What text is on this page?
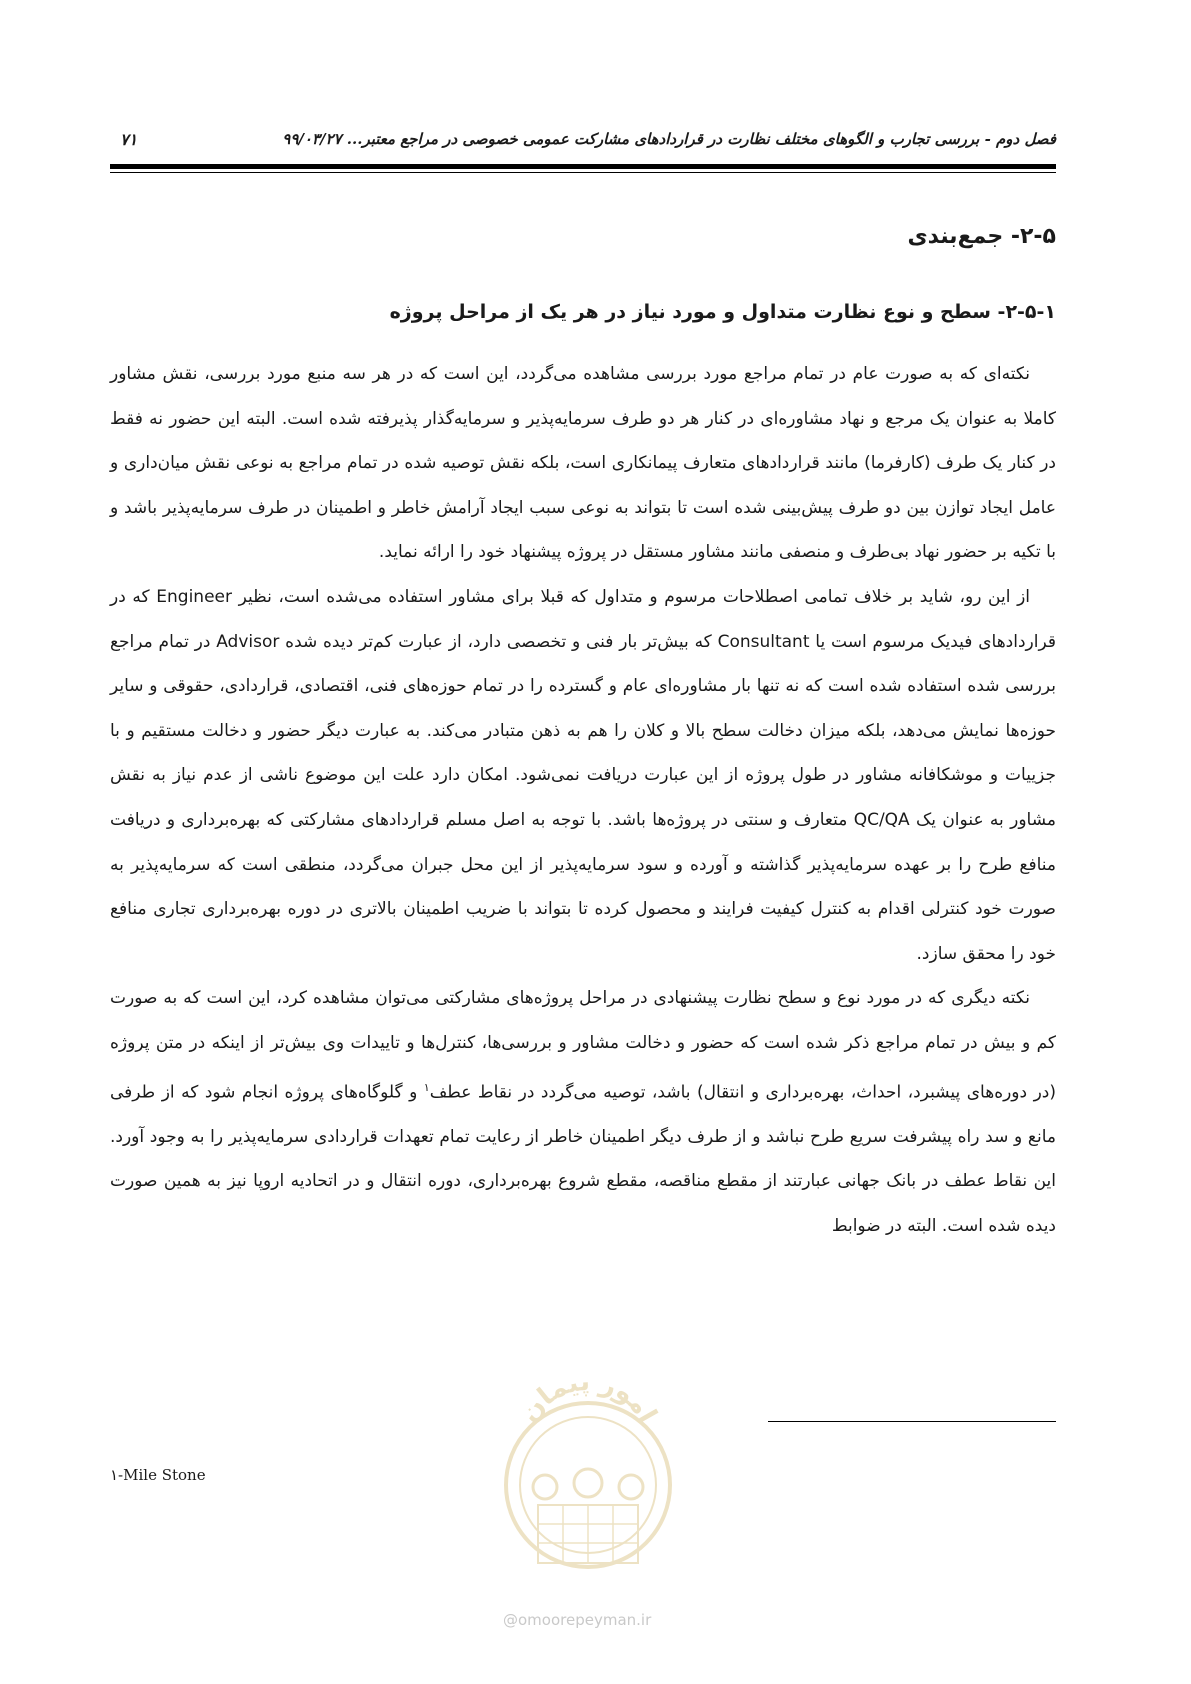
فصل دوم - بررسی تجارب و الگوهای مختلف نظارت در قراردادهای مشارکت عمومی خصوصی در مراجع معتبر... ۹۹/۰۳/۲۷
۷۱
۲-۵- جمع‌بندی
۲-۵-۱- سطح و نوع نظارت متداول و مورد نیاز در هر یک از مراحل پروژه

نکته‌ای که به صورت عام در تمام مراجع مورد بررسی مشاهده می‌گردد، این است که در هر سه منبع مورد بررسی، نقش مشاور کاملا به عنوان یک مرجع و نهاد مشاوره‌ای در کنار هر دو طرف سرمایه‌پذیر و سرمایه‌گذار پذیرفته شده است. البته این حضور نه فقط در کنار یک طرف (کارفرما) مانند قراردادهای متعارف پیمانکاری است، بلکه نقش توصیه شده در تمام مراجع به نوعی نقش میان‌داری و عامل ایجاد توازن بین دو طرف پیش‌بینی شده است تا بتواند به نوعی سبب ایجاد آرامش خاطر و اطمینان در طرف سرمایه‌پذیر باشد و با تکیه بر حضور نهاد بی‌طرف و منصفی مانند مشاور مستقل در پروژه پیشنهاد خود را ارائه نماید.

از این رو، شاید بر خلاف تمامی اصطلاحات مرسوم و متداول که قبلا برای مشاور استفاده می‌شده است، نظیر Engineer که در قراردادهای فیدیک مرسوم است یا Consultant که بیش‌تر بار فنی و تخصصی دارد، از عبارت کم‌تر دیده شده Advisor در تمام مراجع بررسی شده استفاده شده است که نه تنها بار مشاوره‌ای عام و گسترده را در تمام حوزه‌های فنی، اقتصادی، قراردادی، حقوقی و سایر حوزه‌ها نمایش می‌دهد، بلکه میزان دخالت سطح بالا و کلان را هم به ذهن متبادر می‌کند. به عبارت دیگر حضور و دخالت مستقیم و با جزییات و موشکافانه مشاور در طول پروژه از این عبارت دریافت نمی‌شود. امکان دارد علت این موضوع ناشی از عدم نیاز به نقش مشاور به عنوان یک QC/QA متعارف و سنتی در پروژه‌ها باشد. با توجه به اصل مسلم قراردادهای مشارکتی که بهره‌برداری و دریافت منافع طرح را بر عهده سرمایه‌پذیر گذاشته و آورده و سود سرمایه‌پذیر از این محل جبران می‌گردد، منطقی است که سرمایه‌پذیر به صورت خود کنترلی اقدام به کنترل کیفیت فرایند و محصول کرده تا بتواند با ضریب اطمینان بالاتری در دوره بهره‌برداری تجاری منافع خود را محقق سازد.

نکته دیگری که در مورد نوع و سطح نظارت پیشنهادی در مراحل پروژه‌های مشارکتی می‌توان مشاهده کرد، این است که به صورت کم و بیش در تمام مراجع ذکر شده است که حضور و دخالت مشاور و بررسی‌ها، کنترل‌ها و تاییدات وی بیش‌تر از اینکه در متن پروژه (در دوره‌های پیشبرد، احداث، بهره‌برداری و انتقال) باشد، توصیه می‌گردد در نقاط عطف$^۱$ و گلوگاه‌های پروژه انجام شود که از طرفی مانع و سد راه پیشرفت سریع طرح نباشد و از طرف دیگر اطمینان خاطر از رعایت تمام تعهدات قراردادی سرمایه‌پذیر را به وجود آورد. این نقاط عطف در بانک جهانی عبارتند از مقطع مناقصه، مقطع شروع بهره‌برداری، دوره انتقال و در اتحادیه اروپا نیز به همین صورت دیده شده است. البته در ضوابط

امور پیمان
@omoorepeyman.ir
۱-Mile Stone
